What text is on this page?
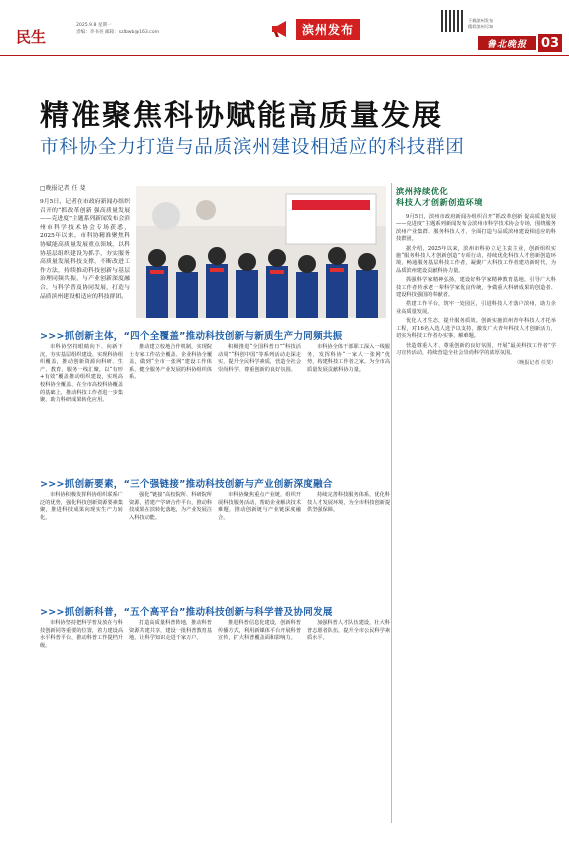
民生
2025.9.8 星期一
责编：李书亮 邮箱：szlbwb@163.com	滨州发布
下载滨州发布
精彩滨州尽知
鲁北晚报	03
精准聚焦科协赋能高质量发展
市科协全力打造与品质滨州建设相适应的科技群团
□晚报记者 任 斐
9月5日，记者在市政府新闻办组织召开的“抓改革创新 强高质量发展——克进度”主题系列新闻发布会滨州市科学技术协会专场获悉，2025年以来，市科协精准聚焦科协赋能高质量发展重点领域，以科协基层组织建设为抓手，夯实服务高质量发展科技支撑，不断改进工作方法，持续推动科技创新与基层治理同频共振，与产业创新深度融合，与科学普及协同发展，打造与品质滨州建设相适应的科技群团。
滨州持续优化
科技人才创新创造环境

9月5日，滨州市政府新闻办组织召开“抓改革创新 促高质量发展——克进度”主题系列新闻发布会滨州市科学技术协会专场，围绕服务滨州产业集群、服务科技人才，全面打造与品质滨州建设相适应的科技群团。

据介绍，2025年以来，滨州市科协立足主责主业，创新组织实施“服务科技人才创新创造”专项行动，持续优化科技人才创新创造环境，畅通服务基层科技工作者，凝聚广大科技工作者建功新时代，为品质滨州建设贡献科协力量。

抓强科学家精神弘扬，建设好科学家精神教育基地，引导广大科技工作者传承老一辈科学家优良传统，争做重大科研成果的创造者、建设科技强国的奉献者。

搭建工作平台，筑牢一处园区，引进科技人才落户滨州，助力企业高质量发展。

优化人才生态，提升服务质效。创新实施滨州青年科技人才托举工程，对16名入选人选予以支持，激发广大青年科技人才创新活力，切实为科技工作者办实事、解难题。

营造尊重人才、尊重创新的良好氛围，开展“最美科技工作者”学习宣传活动，持续营造全社会崇尚科学的浓厚氛围。

（晚报记者 任斐）
>>>抓创新主体，“四个全覆盖”推动科技创新与新质生产力同频共振

市科协坚持眼睛向下、向新下沉，夯实基层组织建设。实现科协组织覆盖，推动创新资源向科研、生产、教育、服务一线汇聚。以“有形+有效”覆盖推动组织建设，实现高校科协全覆盖、在全市高校科协覆盖的基础上，推动科技工作者进一步集聚，助力科研成果转化应用。

推动建立校地合作机制，实现院士专家工作站全覆盖、企业科协全覆盖，做到“全市一张网”建设工作体系，健全服务产业发展的科协组织体系。

积极推进“全国科普日”“科技活动周”“科创中国”等系列活动走深走实，提升全民科学素质，营造全社会崇尚科学、尊重创新的良好氛围。

市科协全体干部职工深入一线服务，发挥科协“一家人一张网”优势，构建科技工作者之家，为全市高质量发展贡献科协力量。

>>>抓创新要素，“三个强链接”推动科技创新与产业创新深度融合

市科协积极发挥科协组织联系广泛的优势，强化科技创新资源要素集聚，推进科技成果向现实生产力转化。

强化“链接”高校院所、科研院所资源，搭建产学研合作平台，推动科技成果在滨转化落地，为产业发展注入科技动能。

市科协聚焦重点产业链，组织开展科技服务活动，帮助企业解决技术难题，推动创新链与产业链深度融合。

持续完善科技服务体系，优化科技人才发展环境，为全市科技创新提供坚强保障。

>>>抓创新科普，“五个高平台”推动科技创新与科学普及协同发展

市科协坚持把科学普及放在与科技创新同等重要的位置，着力建设高水平科普平台，推动科普工作提档升级。

打造高质量科普阵地，推动科普资源共建共享，建设一批科普教育基地，让科学知识走进千家万户。

推进科普信息化建设，创新科普传播方式，利用新媒体平台开展科普宣传，扩大科普覆盖面和影响力。

加强科普人才队伍建设，壮大科普志愿者队伍，提升全市公民科学素质水平。
